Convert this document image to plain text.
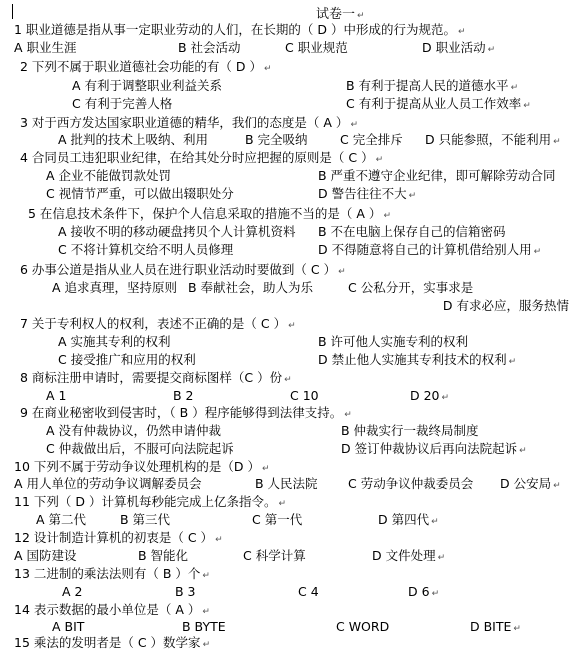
试卷一 ↵
1 职业道德是指从事一定职业劳动的人们，在长期的（ D ）中形成的行为规范。 ↵
A 职业生涯	B 社会活动	C 职业规范	D 职业活动 ↵
2 下列不属于职业道德社会功能的有（ D ） ↵
A 有利于调整职业利益关系	B 有利于提高人民的道德水平 ↵
C 有利于完善人格	C 有利于提高从业人员工作效率 ↵
3 对于西方发达国家职业道德的精华，我们的态度是（ A ） ↵
A 批判的技术上吸纳、利用	B 完全吸纳	C 完全排斥 D 只能参照，不能利用 ↵
4 合同员工违犯职业纪律，在给其处分时应把握的原则是（ C ） ↵
A 企业不能做罚款处罚	B 严重不遵守企业纪律，即可解除劳动合同
C 视情节严重，可以做出辍职处分	D 警告往往不大 ↵
5 在信息技术条件下，保护个人信息采取的措施不当的是（ A ） ↵
A 接收不明的移动硬盘拷贝个人计算机资料 B 不在电脑上保存自己的信箱密码
C 不将计算机交给不明人员修理	D 不得随意将自己的计算机借给别人用 ↵
6 办事公道是指从业人员在进行职业活动时要做到（ C ） ↵
A 追求真理，坚持原则 B 奉献社会，助人为乐	C 公私分开，实事求是
D 有求必应，服务热情
7 关于专利权人的权利，表述不正确的是（ C ） ↵
A 实施其专利的权利	B 许可他人实施专利的权利
C 接受推广和应用的权利	D 禁止他人实施其专利技术的权利 ↵
8 商标注册申请时，需要提交商标图样（C ）份 ↵
A 1	B 2	C 10	D 20 ↵
9 在商业秘密收到侵害时，（ B ）程序能够得到法律支持。 ↵
A 没有仲裁协议，仍然申请仲裁	B 仲裁实行一裁终局制度
C 仲裁做出后，不服可向法院起诉	D 签订仲裁协议后再向法院起诉 ↵
10 下列不属于劳动争议处理机构的是（D ） ↵
A 用人单位的劳动争议调解委员会	B 人民法院 C 劳动争议仲裁委员会 D 公安局 ↵
11 下列（ D ）计算机每秒能完成上亿条指令。 ↵
A 第二代	B 第三代	C 第一代	D 第四代 ↵
12 设计制造计算机的初衷是（ C ） ↵
A 国防建设	B 智能化	C 科学计算	D 文件处理 ↵
13 二进制的乘法法则有（ B ）个 ↵
A 2	B 3	C 4	D 6 ↵
14 表示数据的最小单位是（ A ） ↵
A BIT	B BYTE	C WORD	D BITE ↵
15 乘法的发明者是（ C ）数学家 ↵
